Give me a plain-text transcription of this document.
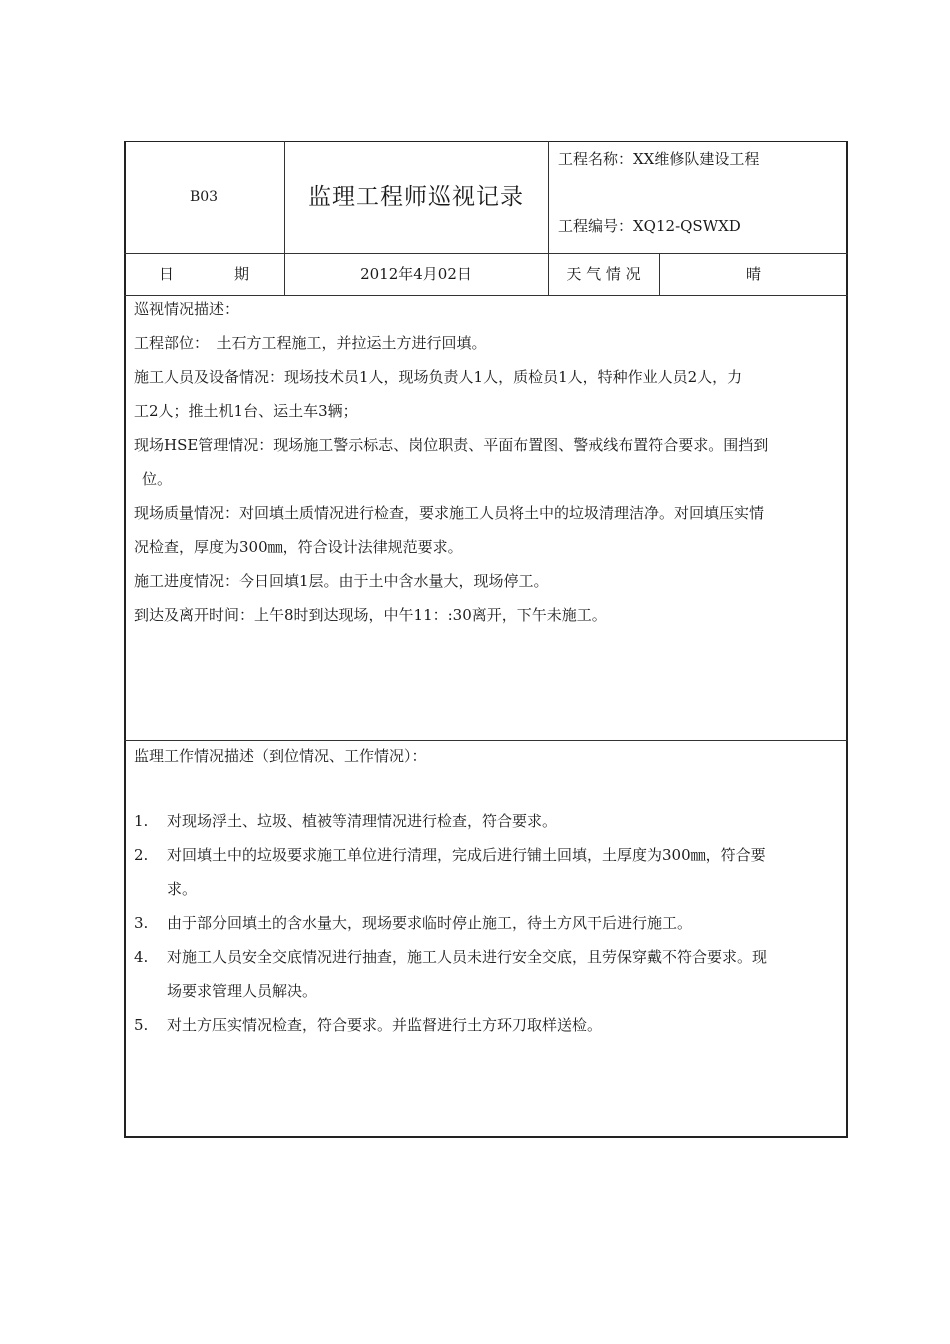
B03	监理工程师巡视记录
工程名称：XX维修队建设工程
工程编号：XQ12-QSWXD
日　　　　期	2012年4月02日	天 气 情 况	晴

巡视情况描述：

工程部位：　土石方工程施工，并拉运土方进行回填。

施工人员及设备情况：现场技术员1人，现场负责人1人，质检员1人，特种作业人员2人，力

工2人；推土机1台、运土车3辆；

现场HSE管理情况：现场施工警示标志、岗位职责、平面布置图、警戒线布置符合要求。围挡到

位。

现场质量情况：对回填土质情况进行检查，要求施工人员将土中的垃圾清理洁净。对回填压实情

况检查，厚度为300㎜，符合设计法律规范要求。

施工进度情况：今日回填1层。由于土中含水量大，现场停工。

到达及离开时间：上午8时到达现场，中午11：:30离开，下午未施工。

监理工作情况描述（到位情况、工作情况）：
1.	对现场浮土、垃圾、植被等清理情况进行检查，符合要求。
2.	对回填土中的垃圾要求施工单位进行清理，完成后进行铺土回填，土厚度为300㎜，符合要
求。
3.	由于部分回填土的含水量大，现场要求临时停止施工，待土方风干后进行施工。
4.	对施工人员安全交底情况进行抽查，施工人员未进行安全交底，且劳保穿戴不符合要求。现
场要求管理人员解决。
5.	对土方压实情况检查，符合要求。并监督进行土方环刀取样送检。
